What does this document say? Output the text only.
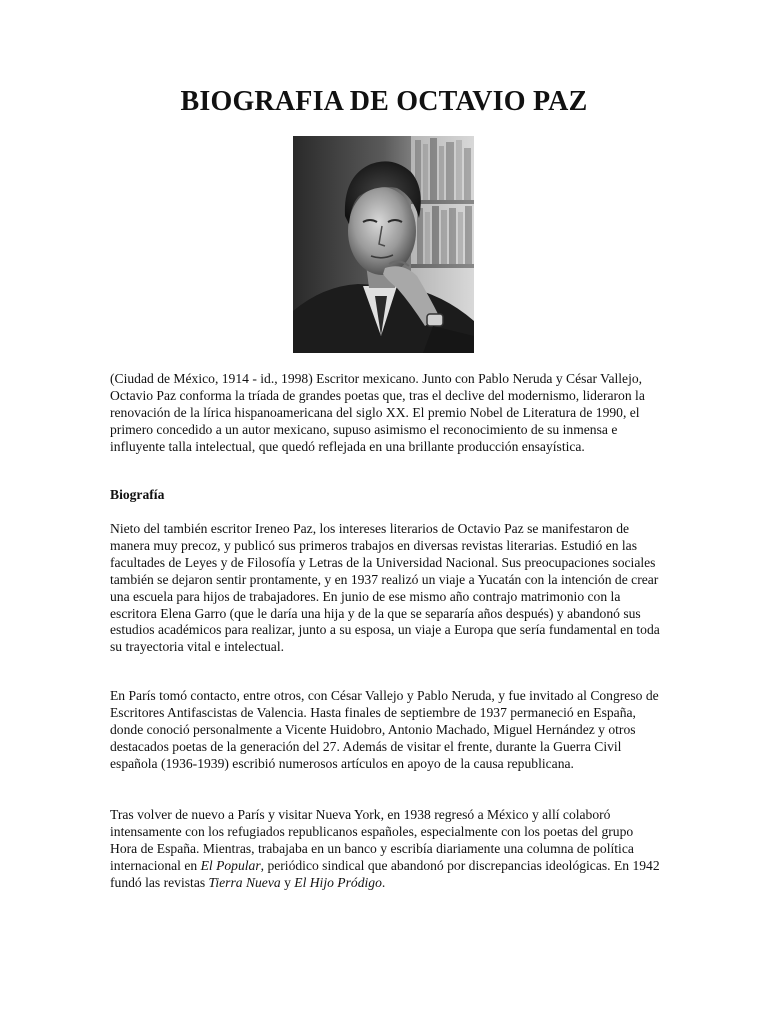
BIOGRAFIA DE OCTAVIO PAZ

(Ciudad de México, 1914 - id., 1998) Escritor mexicano. Junto con Pablo Neruda y César Vallejo, Octavio Paz conforma la tríada de grandes poetas que, tras el declive del modernismo, lideraron la renovación de la lírica hispanoamericana del siglo XX. El premio Nobel de Literatura de 1990, el primero concedido a un autor mexicano, supuso asimismo el reconocimiento de su inmensa e influyente talla intelectual, que quedó reflejada en una brillante producción ensayística.

Biografía

Nieto del también escritor Ireneo Paz, los intereses literarios de Octavio Paz se manifestaron de manera muy precoz, y publicó sus primeros trabajos en diversas revistas literarias. Estudió en las facultades de Leyes y de Filosofía y Letras de la Universidad Nacional. Sus preocupaciones sociales también se dejaron sentir prontamente, y en 1937 realizó un viaje a Yucatán con la intención de crear una escuela para hijos de trabajadores. En junio de ese mismo año contrajo matrimonio con la escritora Elena Garro (que le daría una hija y de la que se separaría años después) y abandonó sus estudios académicos para realizar, junto a su esposa, un viaje a Europa que sería fundamental en toda su trayectoria vital e intelectual.

En París tomó contacto, entre otros, con César Vallejo y Pablo Neruda, y fue invitado al Congreso de Escritores Antifascistas de Valencia. Hasta finales de septiembre de 1937 permaneció en España, donde conoció personalmente a Vicente Huidobro, Antonio Machado, Miguel Hernández y otros destacados poetas de la generación del 27. Además de visitar el frente, durante la Guerra Civil española (1936-1939) escribió numerosos artículos en apoyo de la causa republicana.

Tras volver de nuevo a París y visitar Nueva York, en 1938 regresó a México y allí colaboró intensamente con los refugiados republicanos españoles, especialmente con los poetas del grupo Hora de España. Mientras, trabajaba en un banco y escribía diariamente una columna de política internacional en El Popular, periódico sindical que abandonó por discrepancias ideológicas. En 1942 fundó las revistas Tierra Nueva y El Hijo Pródigo.
